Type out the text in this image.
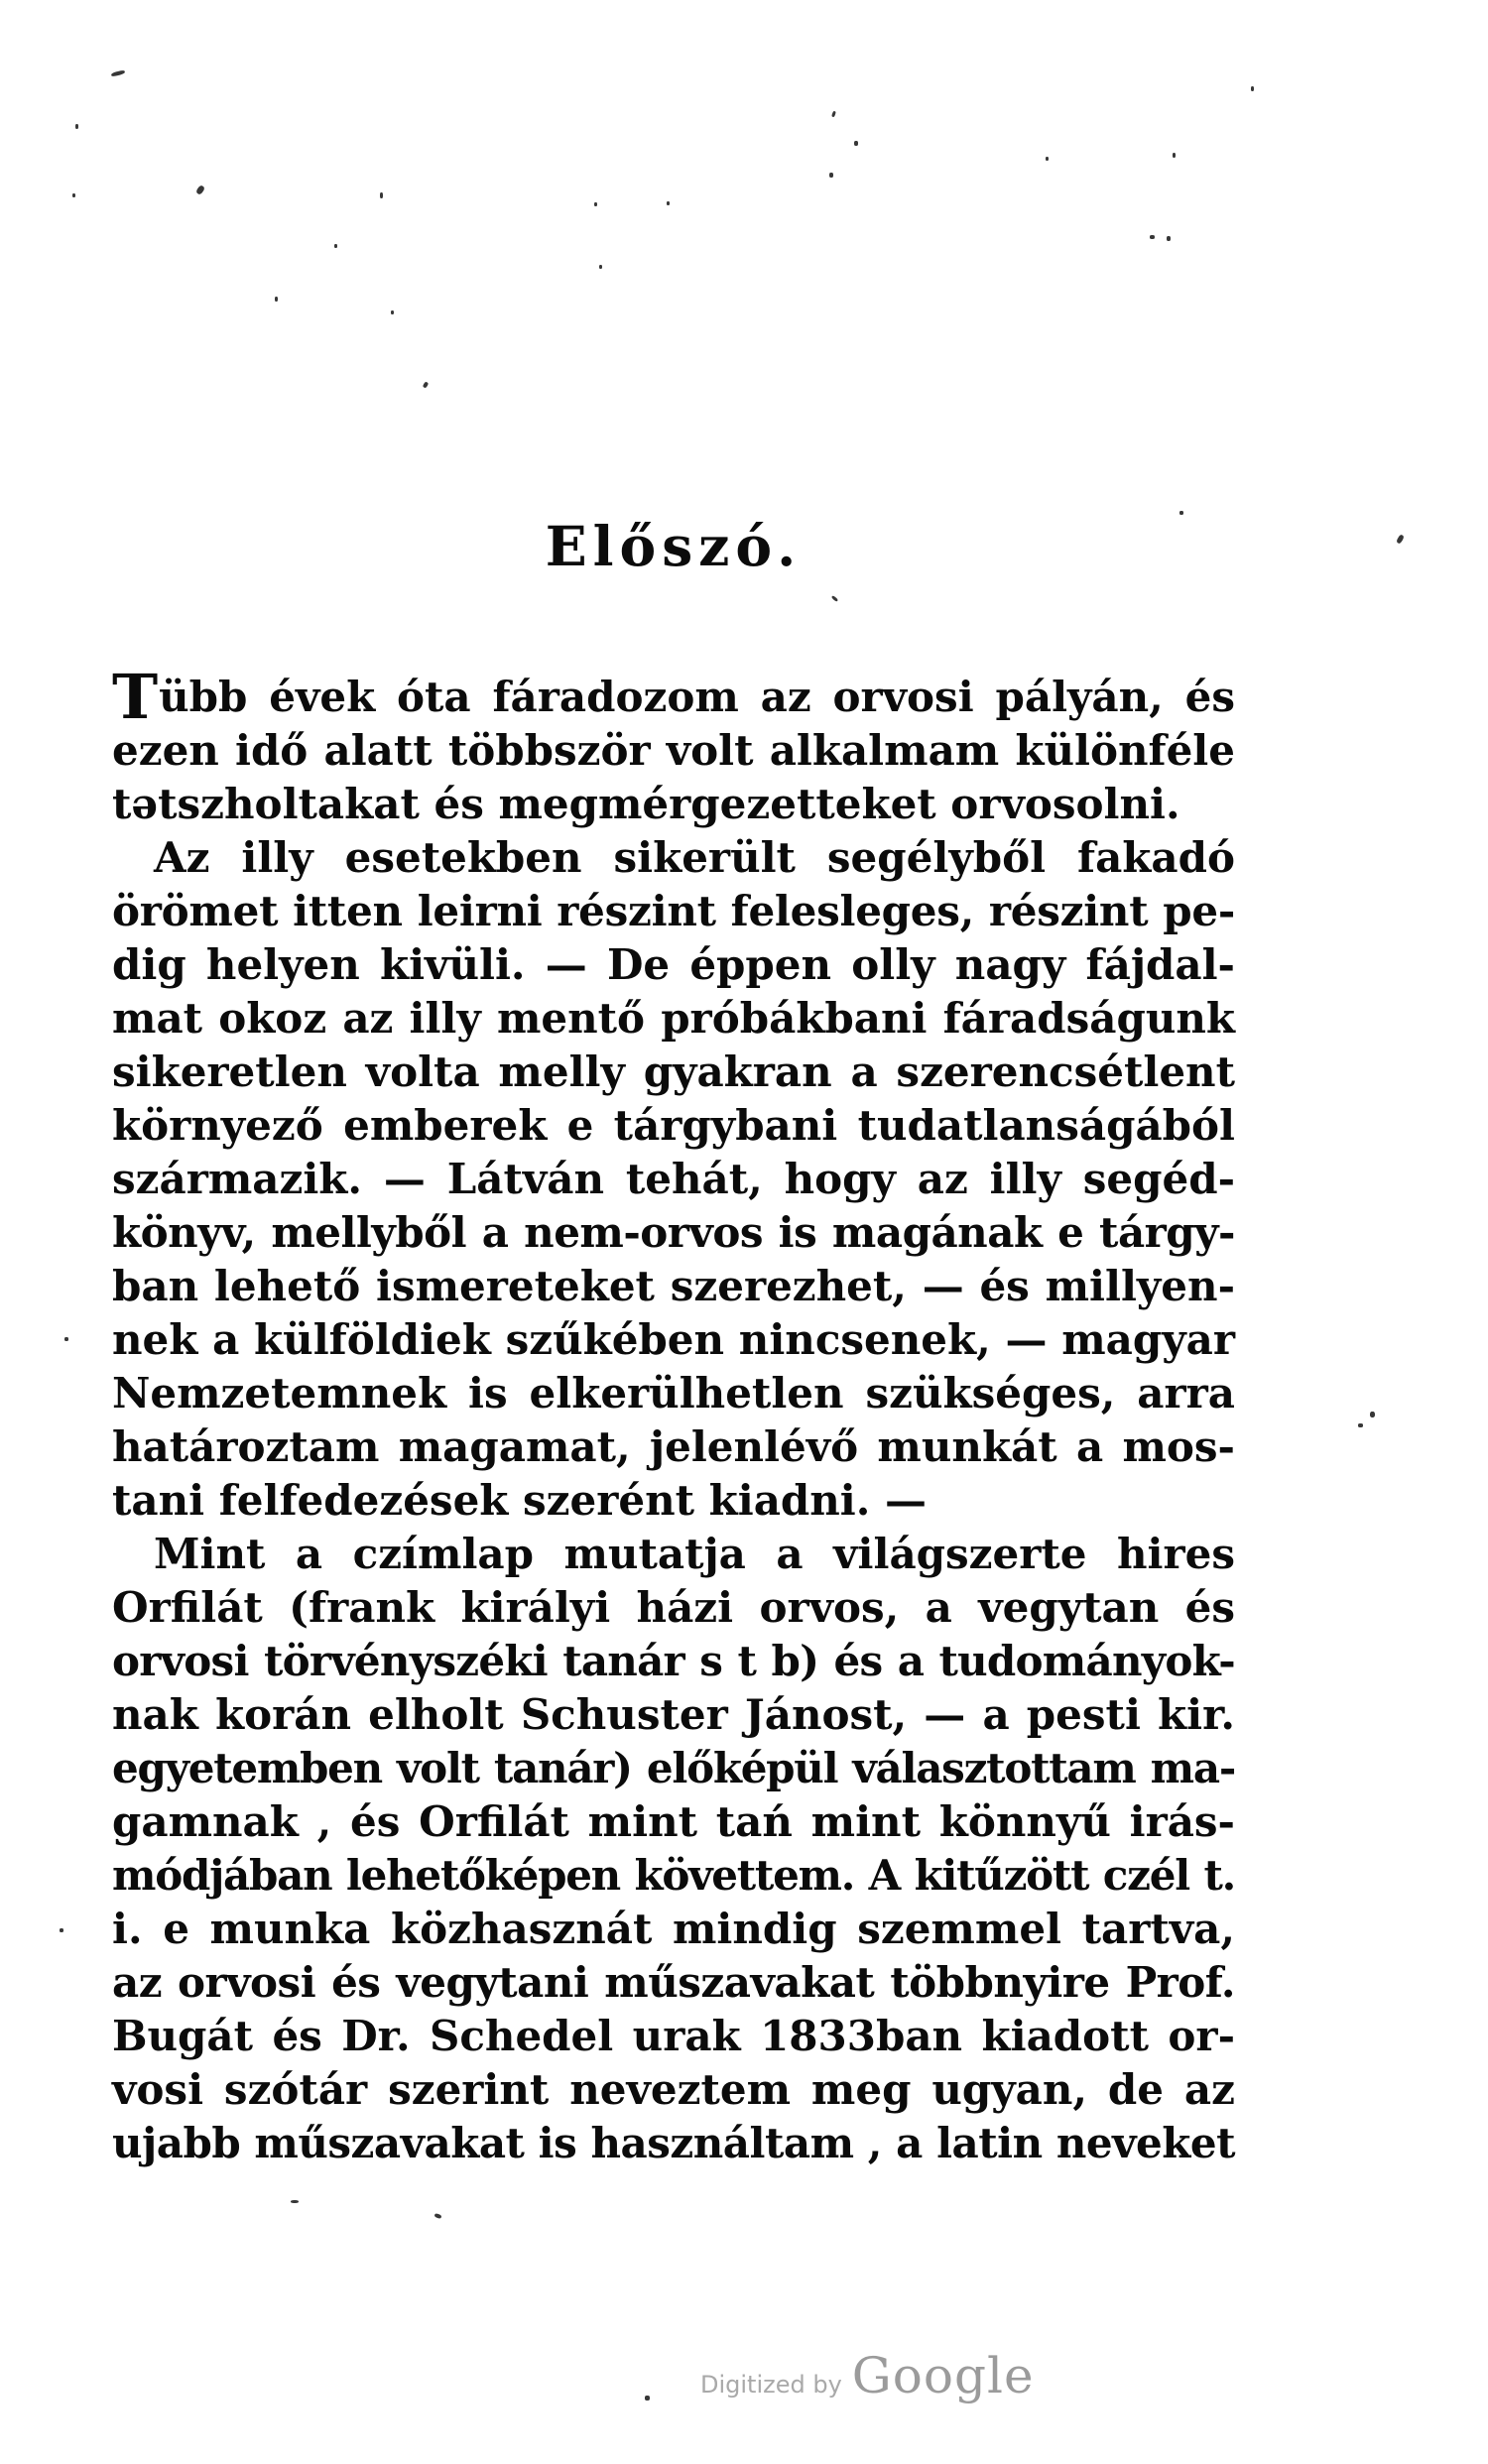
Előszó.
Tübb évek óta fáradozom az orvosi pályán, és
ezen idő alatt többször volt alkalmam különféle
tətszholtakat és megmérgezetteket orvosolni.
Az illy esetekben sikerült segélyből fakadó
örömet itten leirni részint felesleges, részint pe-
dig helyen kivüli. — De éppen olly nagy fájdal-
mat okoz az illy mentő próbákbani fáradságunk
sikeretlen volta melly gyakran a szerencsétlent
környező emberek e tárgybani tudatlanságából
származik. — Látván tehát, hogy az illy segéd-
könyv, mellyből a nem-orvos is magának e tárgy-
ban lehető ismereteket szerezhet, — és millyen-
nek a külföldiek szűkében nincsenek, — magyar
Nemzetemnek is elkerülhetlen szükséges, arra
határoztam magamat, jelenlévő munkát a mos-
tani felfedezések szerént kiadni. —
Mint a czímlap mutatja a világszerte hires
Orfilát (frank királyi házi orvos, a vegytan és
orvosi törvényszéki tanár s t b) és a tudományok-
nak korán elholt Schuster Jánost, — a pesti kir.
egyetemben volt tanár) előképül választottam ma-
gamnak , és Orfilát mint tań mint könnyű irás-
módjában lehetőképen követtem. A kitűzött czél t.
i. e munka közhasznát mindig szemmel tartva,
az orvosi és vegytani műszavakat többnyire Prof.
Bugát és Dr. Schedel urak 1833ban kiadott or-
vosi szótár szerint neveztem meg ugyan, de az
ujabb műszavakat is használtam , a latin neveket
Digitized by Google
